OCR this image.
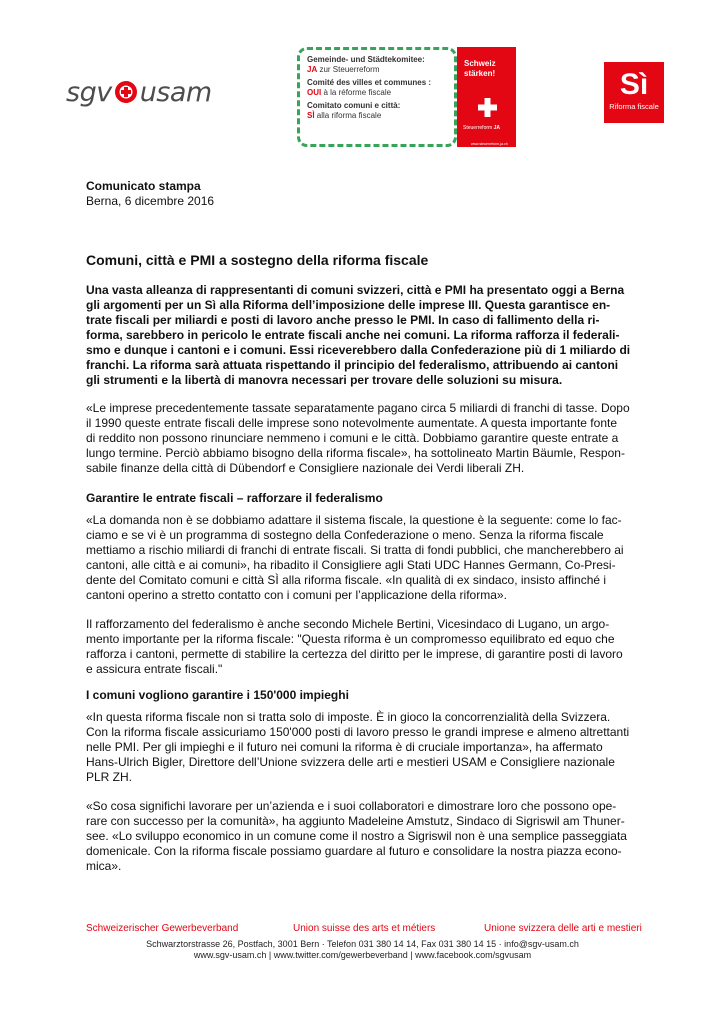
sgv usam
Gemeinde- und Städtekomitee:
JA zur Steuerreform
Comité des villes et communes :
OUI à la réforme fiscale
Comitato comuni e città:
SÌ alla riforma fiscale
Schweiz
stärken!
Steuerreform JA
www.steuerreform-ja.ch
Sì
Riforma fiscale
Comunicato stampa
Berna, 6 dicembre 2016
Comuni, città e PMI a sostegno della riforma fiscale
Una vasta alleanza di rappresentanti di comuni svizzeri, città e PMI ha presentato oggi a Berna
gli argomenti per un Sì alla Riforma dell’imposizione delle imprese III. Questa garantisce en-
trate fiscali per miliardi e posti di lavoro anche presso le PMI. In caso di fallimento della ri-
forma, sarebbero in pericolo le entrate fiscali anche nei comuni. La riforma rafforza il federali-
smo e dunque i cantoni e i comuni. Essi riceverebbero dalla Confederazione più di 1 miliardo di
franchi. La riforma sarà attuata rispettando il principio del federalismo, attribuendo ai cantoni
gli strumenti e la libertà di manovra necessari per trovare delle soluzioni su misura.
«Le imprese precedentemente tassate separatamente pagano circa 5 miliardi di franchi di tasse. Dopo
il 1990 queste entrate fiscali delle imprese sono notevolmente aumentate. A questa importante fonte
di reddito non possono rinunciare nemmeno i comuni e le città. Dobbiamo garantire queste entrate a
lungo termine. Perciò abbiamo bisogno della riforma fiscale», ha sottolineato Martin Bäumle, Respon-
sabile finanze della città di Dübendorf e Consigliere nazionale dei Verdi liberali ZH.
Garantire le entrate fiscali – rafforzare il federalismo
«La domanda non è se dobbiamo adattare il sistema fiscale, la questione è la seguente: come lo fac-
ciamo e se vi è un programma di sostegno della Confederazione o meno. Senza la riforma fiscale
mettiamo a rischio miliardi di franchi di entrate fiscali. Si tratta di fondi pubblici, che mancherebbero ai
cantoni, alle città e ai comuni», ha ribadito il Consigliere agli Stati UDC Hannes Germann, Co-Presi-
dente del Comitato comuni e città SÌ alla riforma fiscale. «In qualità di ex sindaco, insisto affinché i
cantoni operino a stretto contatto con i comuni per l’applicazione della riforma».
Il rafforzamento del federalismo è anche secondo Michele Bertini, Vicesindaco di Lugano, un argo-
mento importante per la riforma fiscale: "Questa riforma è un compromesso equilibrato ed equo che
rafforza i cantoni, permette di stabilire la certezza del diritto per le imprese, di garantire posti di lavoro
e assicura entrate fiscali."
I comuni vogliono garantire i 150'000 impieghi
«In questa riforma fiscale non si tratta solo di imposte. È in gioco la concorrenzialità della Svizzera.
Con la riforma fiscale assicuriamo 150'000 posti di lavoro presso le grandi imprese e almeno altrettanti
nelle PMI. Per gli impieghi e il futuro nei comuni la riforma è di cruciale importanza», ha affermato
Hans-Ulrich Bigler, Direttore dell’Unione svizzera delle arti e mestieri USAM e Consigliere nazionale
PLR ZH.
«So cosa significhi lavorare per un’azienda e i suoi collaboratori e dimostrare loro che possono ope-
rare con successo per la comunità», ha aggiunto Madeleine Amstutz, Sindaco di Sigriswil am Thuner-
see. «Lo sviluppo economico in un comune come il nostro a Sigriswil non è una semplice passeggiata
domenicale. Con la riforma fiscale possiamo guardare al futuro e consolidare la nostra piazza econo-
mica».
Schweizerischer Gewerbeverband	Union suisse des arts et métiers	Unione svizzera delle arti e mestieri
Schwarztorstrasse 26, Postfach, 3001 Bern · Telefon 031 380 14 14, Fax 031 380 14 15 · info@sgv-usam.ch
www.sgv-usam.ch | www.twitter.com/gewerbeverband | www.facebook.com/sgvusam
